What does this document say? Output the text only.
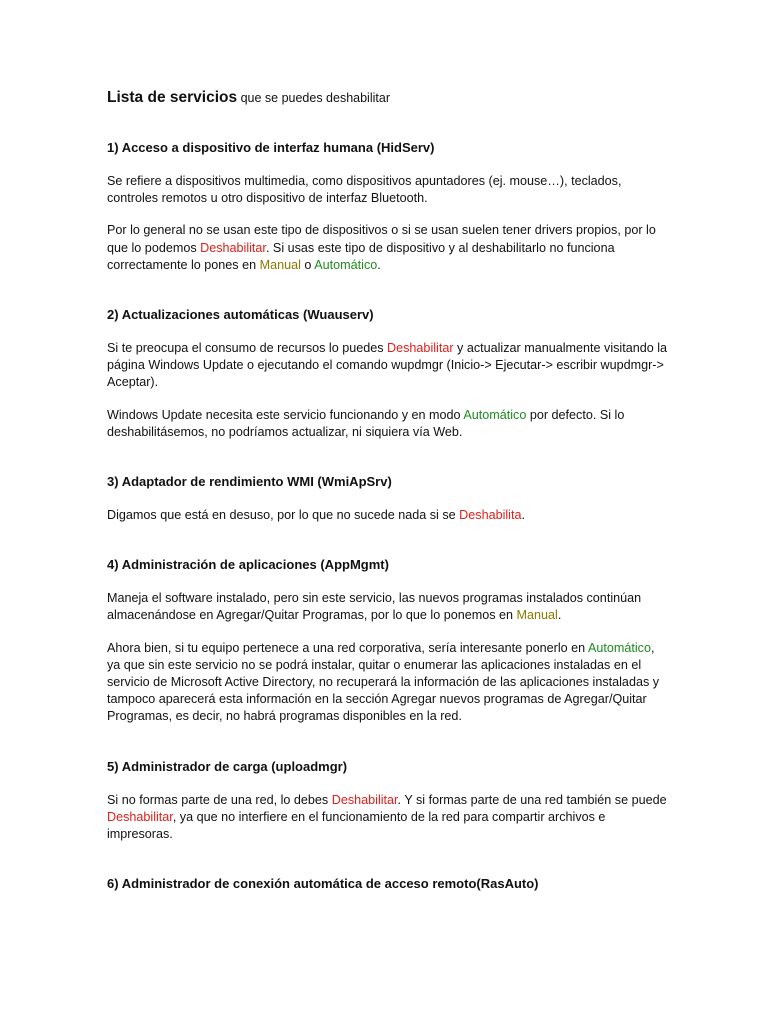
Lista de servicios que se puedes deshabilitar

1) Acceso a dispositivo de interfaz humana (HidServ)

Se refiere a dispositivos multimedia, como dispositivos apuntadores (ej. mouse…), teclados, controles remotos u otro dispositivo de interfaz Bluetooth.

Por lo general no se usan este tipo de dispositivos o si se usan suelen tener drivers propios, por lo que lo podemos Deshabilitar. Si usas este tipo de dispositivo y al deshabilitarlo no funciona correctamente lo pones en Manual o Automático.

2) Actualizaciones automáticas (Wuauserv)

Si te preocupa el consumo de recursos lo puedes Deshabilitar y actualizar manualmente visitando la página Windows Update o ejecutando el comando wupdmgr (Inicio-> Ejecutar-> escribir wupdmgr-> Aceptar).

Windows Update necesita este servicio funcionando y en modo Automático por defecto. Si lo deshabilitásemos, no podríamos actualizar, ni siquiera vía Web.

3) Adaptador de rendimiento WMI (WmiApSrv)

Digamos que está en desuso, por lo que no sucede nada si se Deshabilita.

4) Administración de aplicaciones (AppMgmt)

Maneja el software instalado, pero sin este servicio, las nuevos programas instalados continúan almacenándose en Agregar/Quitar Programas, por lo que lo ponemos en Manual.

Ahora bien, si tu equipo pertenece a una red corporativa, sería interesante ponerlo en Automático, ya que sin este servicio no se podrá instalar, quitar o enumerar las aplicaciones instaladas en el servicio de Microsoft Active Directory, no recuperará la información de las aplicaciones instaladas y tampoco aparecerá esta información en la sección Agregar nuevos programas de Agregar/Quitar Programas, es decir, no habrá programas disponibles en la red.

5) Administrador de carga (uploadmgr)

Si no formas parte de una red, lo debes Deshabilitar. Y si formas parte de una red también se puede Deshabilitar, ya que no interfiere en el funcionamiento de la red para compartir archivos e impresoras.

6) Administrador de conexión automática de acceso remoto(RasAuto)
